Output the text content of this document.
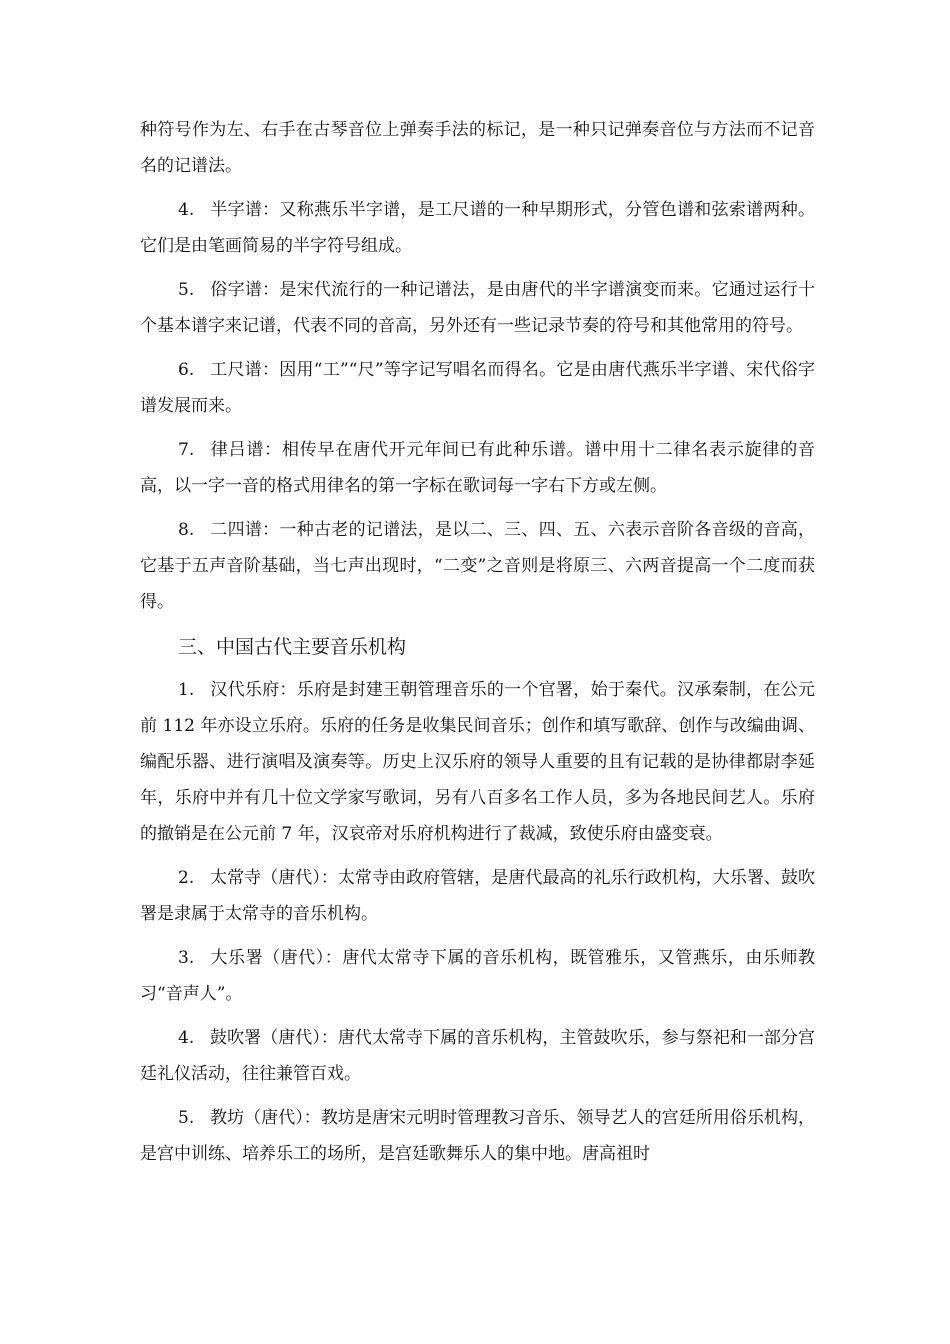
种符号作为左、右手在古琴音位上弹奏手法的标记，是一种只记弹奏音位与方法而不记音名的记谱法。

4. 半字谱：又称燕乐半字谱，是工尺谱的一种早期形式，分管色谱和弦索谱两种。它们是由笔画简易的半字符号组成。

5. 俗字谱：是宋代流行的一种记谱法，是由唐代的半字谱演变而来。它通过运行十个基本谱字来记谱，代表不同的音高，另外还有一些记录节奏的符号和其他常用的符号。

6. 工尺谱：因用“工”“尺”等字记写唱名而得名。它是由唐代燕乐半字谱、宋代俗字谱发展而来。

7. 律吕谱：相传早在唐代开元年间已有此种乐谱。谱中用十二律名表示旋律的音高，以一字一音的格式用律名的第一字标在歌词每一字右下方或左侧。

8. 二四谱：一种古老的记谱法，是以二、三、四、五、六表示音阶各音级的音高，它基于五声音阶基础，当七声出现时，“二变”之音则是将原三、六两音提高一个二度而获得。

三、中国古代主要音乐机构

1. 汉代乐府：乐府是封建王朝管理音乐的一个官署，始于秦代。汉承秦制，在公元前 112 年亦设立乐府。乐府的任务是收集民间音乐；创作和填写歌辞、创作与改编曲调、编配乐器、进行演唱及演奏等。历史上汉乐府的领导人重要的且有记载的是协律都尉李延年，乐府中并有几十位文学家写歌词，另有八百多名工作人员，多为各地民间艺人。乐府的撤销是在公元前 7 年，汉哀帝对乐府机构进行了裁减，致使乐府由盛变衰。

2. 太常寺（唐代）：太常寺由政府管辖，是唐代最高的礼乐行政机构，大乐署、鼓吹署是隶属于太常寺的音乐机构。

3. 大乐署（唐代）：唐代太常寺下属的音乐机构，既管雅乐，又管燕乐，由乐师教习“音声人”。

4. 鼓吹署（唐代）：唐代太常寺下属的音乐机构，主管鼓吹乐，参与祭祀和一部分宫廷礼仪活动，往往兼管百戏。

5. 教坊（唐代）：教坊是唐宋元明时管理教习音乐、领导艺人的宫廷所用俗乐机构，是宫中训练、培养乐工的场所，是宫廷歌舞乐人的集中地。唐高祖时
